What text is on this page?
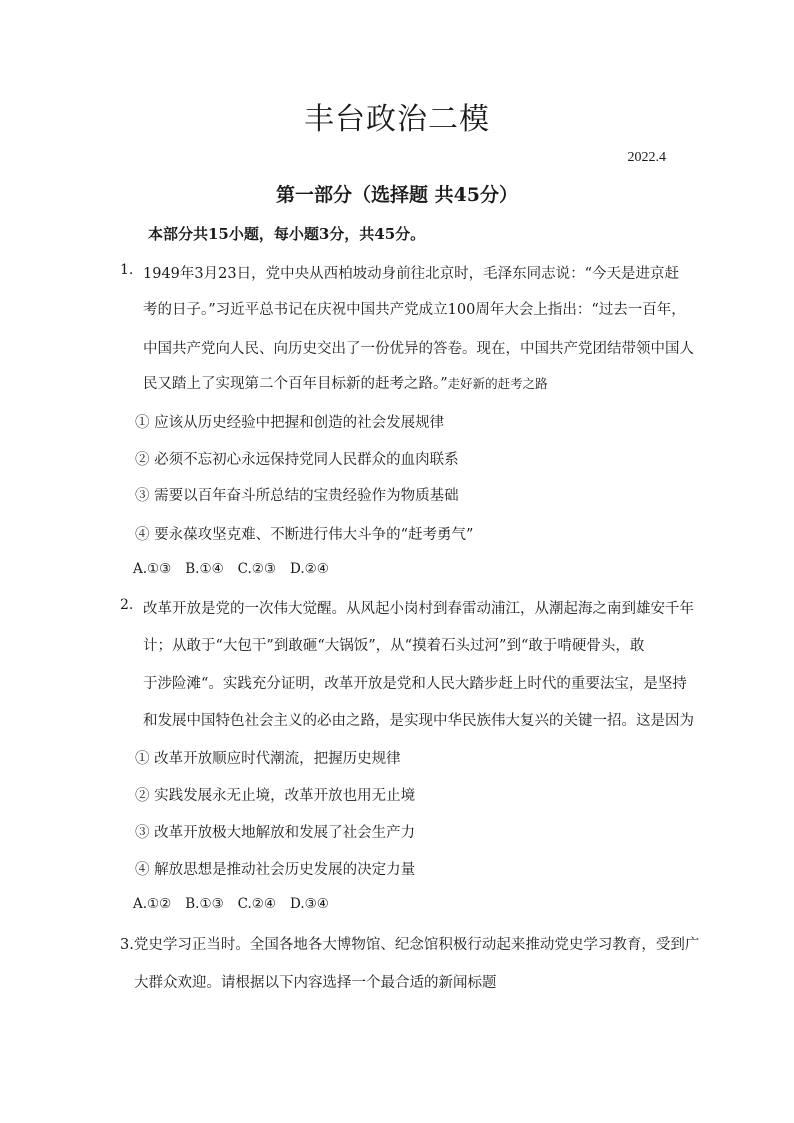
丰台政治二模
2022.4
第一部分（选择题 共45分）
本部分共15小题，每小题3分，共45分。
1. 1949年3月23日，党中央从西柏坡动身前往北京时，毛泽东同志说：“今天是进京赶
考的日子。”习近平总书记在庆祝中国共产党成立100周年大会上指出：“过去一百年，
中国共产党向人民、向历史交出了一份优异的答卷。现在，中国共产党团结带领中国人
民又踏上了实现第二个百年目标新的赶考之路。”走好新的赶考之路
① 应该从历史经验中把握和创造的社会发展规律
② 必须不忘初心永远保持党同人民群众的血肉联系
③ 需要以百年奋斗所总结的宝贵经验作为物质基础
④ 要永葆攻坚克难、不断进行伟大斗争的“赶考勇气”
A.①③ B.①④ C.②③ D.②④
2. 改革开放是党的一次伟大觉醒。从风起小岗村到春雷动浦江，从潮起海之南到雄安千年
计；从敢于“大包干”到敢砸“大锅饭”，从“摸着石头过河”到“敢于啃硬骨头，敢
于涉险滩“。实践充分证明，改革开放是党和人民大踏步赶上时代的重要法宝，是坚持
和发展中国特色社会主义的必由之路，是实现中华民族伟大复兴的关键一招。这是因为
① 改革开放顺应时代潮流，把握历史规律
② 实践发展永无止境，改革开放也用无止境
③ 改革开放极大地解放和发展了社会生产力
④ 解放思想是推动社会历史发展的决定力量
A.①② B.①③ C.②④ D.③④
3.党史学习正当时。全国各地各大博物馆、纪念馆积极行动起来推动党史学习教育，受到广
大群众欢迎。请根据以下内容选择一个最合适的新闻标题
